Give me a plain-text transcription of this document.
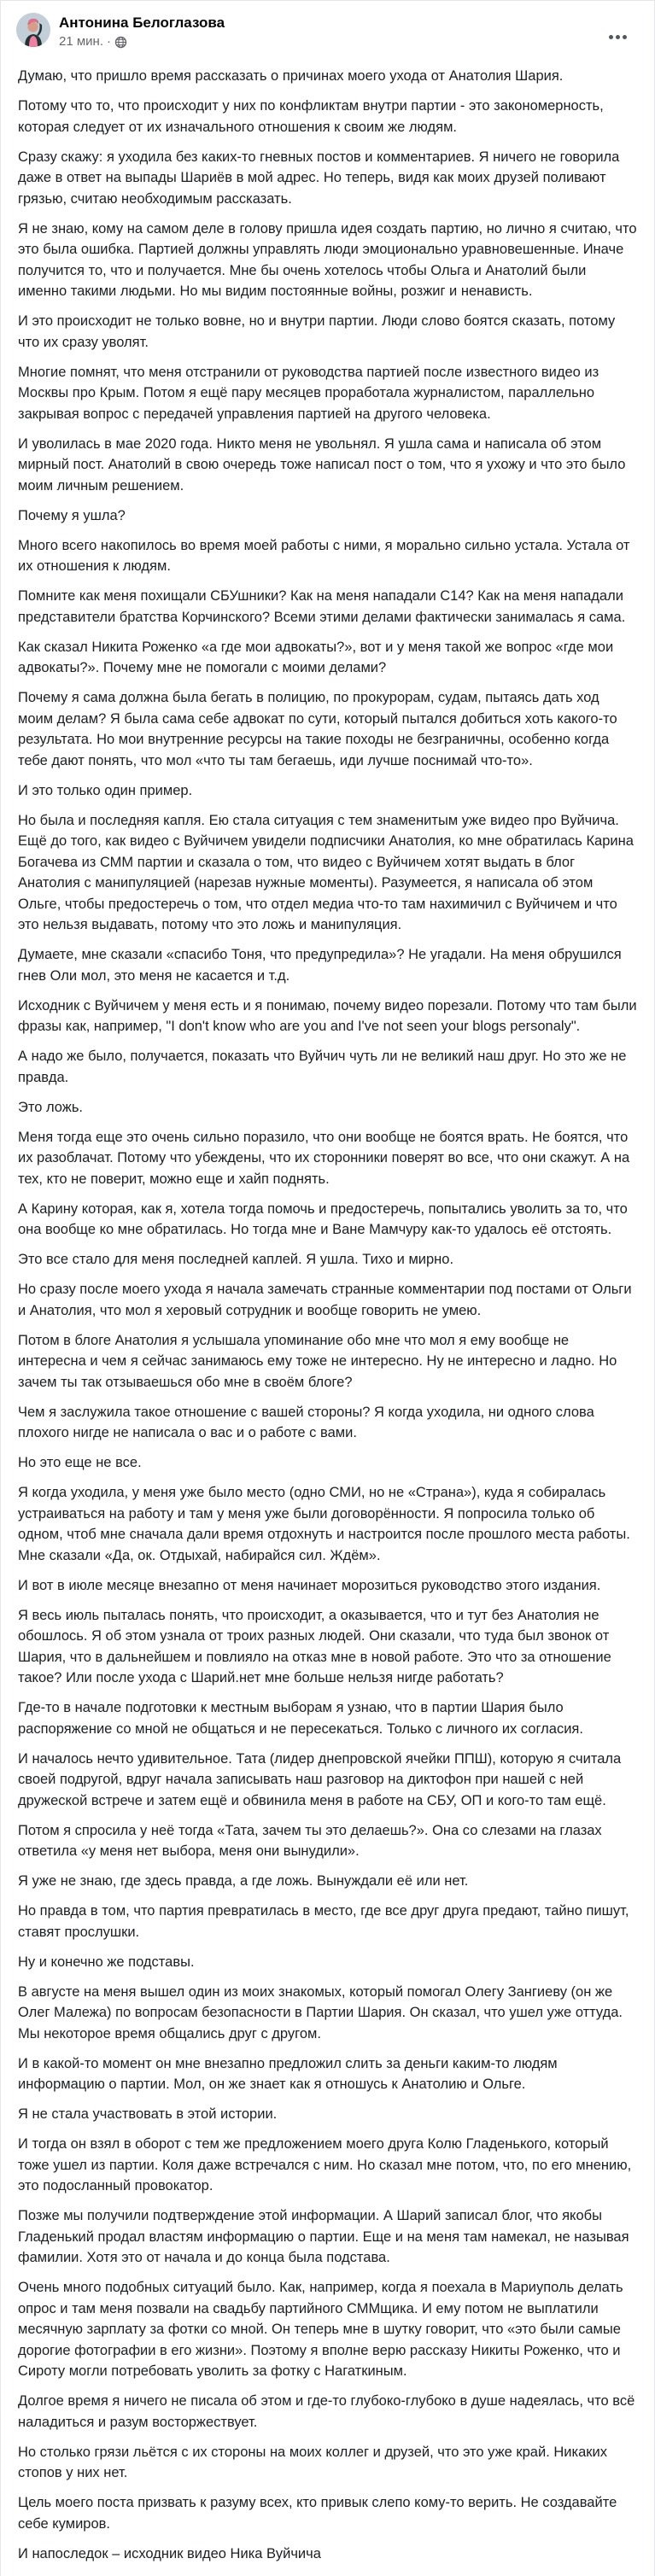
Антонина Белоглазова
21 мин. ·

Думаю, что пришло время рассказать о причинах моего ухода от Анатолия Шария.

Потому что то, что происходит у них по конфликтам внутри партии - это закономерность, которая следует от их изначального отношения к своим же людям.

Сразу скажу: я уходила без каких-то гневных постов и комментариев. Я ничего не говорила даже в ответ на выпады Шариёв в мой адрес. Но теперь, видя как моих друзей поливают грязью, считаю необходимым рассказать.

Я не знаю, кому на самом деле в голову пришла идея создать партию, но лично я считаю, что это была ошибка. Партией должны управлять люди эмоционально уравновешенные. Иначе получится то, что и получается. Мне бы очень хотелось чтобы Ольга и Анатолий были именно такими людьми. Но мы видим постоянные войны, розжиг и ненависть.

И это происходит не только вовне, но и внутри партии. Люди слово боятся сказать, потому что их сразу уволят.

Многие помнят, что меня отстранили от руководства партией после известного видео из Москвы про Крым. Потом я ещё пару месяцев проработала журналистом, параллельно закрывая вопрос с передачей управления партией на другого человека.

И уволилась в мае 2020 года. Никто меня не увольнял. Я ушла сама и написала об этом мирный пост. Анатолий в свою очередь тоже написал пост о том, что я ухожу и что это было моим личным решением.

Почему я ушла?

Много всего накопилось во время моей работы с ними, я морально сильно устала. Устала от их отношения к людям.

Помните как меня похищали СБУшники? Как на меня нападали С14? Как на меня нападали представители братства Корчинского? Всеми этими делами фактически занималась я сама.

Как сказал Никита Роженко «а где мои адвокаты?», вот и у меня такой же вопрос «где мои адвокаты?». Почему мне не помогали с моими делами?

Почему я сама должна была бегать в полицию, по прокурорам, судам, пытаясь дать ход моим делам? Я была сама себе адвокат по сути, который пытался добиться хоть какого-то результата. Но мои внутренние ресурсы на такие походы не безграничны, особенно когда тебе дают понять, что мол «что ты там бегаешь, иди лучше поснимай что-то».

И это только один пример.

Но была и последняя капля. Ею стала ситуация с тем знаменитым уже видео про Вуйчича. Ещё до того, как видео с Вуйчичем увидели подписчики Анатолия, ко мне обратилась Карина Богачева из СММ партии и сказала о том, что видео с Вуйчичем хотят выдать в блог Анатолия с манипуляцией (нарезав нужные моменты). Разумеется, я написала об этом Ольге, чтобы предостеречь о том, что отдел медиа что-то там нахимичил с Вуйчичем и что это нельзя выдавать, потому что это ложь и манипуляция.

Думаете, мне сказали «спасибо Тоня, что предупредила»? Не угадали. На меня обрушился гнев Оли мол, это меня не касается и т.д.

Исходник с Вуйчичем у меня есть и я понимаю, почему видео порезали. Потому что там были фразы как, например, "I don't know who are you and I've not seen your blogs personaly".

А надо же было, получается, показать что Вуйчич чуть ли не великий наш друг. Но это же не правда.

Это ложь.

Меня тогда еще это очень сильно поразило, что они вообще не боятся врать. Не боятся, что их разоблачат. Потому что убеждены, что их сторонники поверят во все, что они скажут. А на тех, кто не поверит, можно еще и хайп поднять.

А Карину которая, как я, хотела тогда помочь и предостеречь, попытались уволить за то, что она вообще ко мне обратилась. Но тогда мне и Ване Мамчуру как-то удалось её отстоять.

Это все стало для меня последней каплей. Я ушла. Тихо и мирно.

Но сразу после моего ухода я начала замечать странные комментарии под постами от Ольги и Анатолия, что мол я херовый сотрудник и вообще говорить не умею.

Потом в блоге Анатолия я услышала упоминание обо мне что мол я ему вообще не интересна и чем я сейчас занимаюсь ему тоже не интересно. Ну не интересно и ладно. Но зачем ты так отзываешься обо мне в своём блоге?

Чем я заслужила такое отношение с вашей стороны? Я когда уходила, ни одного слова плохого нигде не написала о вас и о работе с вами.

Но это еще не все.

Я когда уходила, у меня уже было место (одно СМИ, но не «Страна»), куда я собиралась устраиваться на работу и там у меня уже были договорённости. Я попросила только об одном, чтоб мне сначала дали время отдохнуть и настроится после прошлого места работы. Мне сказали «Да, ок. Отдыхай, набирайся сил. Ждём».

И вот в июле месяце внезапно от меня начинает морозиться руководство этого издания.

Я весь июль пыталась понять, что происходит, а оказывается, что и тут без Анатолия не обошлось. Я об этом узнала от троих разных людей. Они сказали, что туда был звонок от Шария, что в дальнейшем и повлияло на отказ мне в новой работе. Это что за отношение такое? Или после ухода с Шарий.нет мне больше нельзя нигде работать?

Где-то в начале подготовки к местным выборам я узнаю, что в партии Шария было распоряжение со мной не общаться и не пересекаться. Только с личного их согласия.

И началось нечто удивительное. Тата (лидер днепровской ячейки ППШ), которую я считала своей подругой, вдруг начала записывать наш разговор на диктофон при нашей с ней дружеской встрече и затем ещё и обвинила меня в работе на СБУ, ОП и кого-то там ещё.

Потом я спросила у неё тогда «Тата, зачем ты это делаешь?». Она со слезами на глазах ответила «у меня нет выбора, меня они вынудили».

Я уже не знаю, где здесь правда, а где ложь. Вынуждали её или нет.

Но правда в том, что партия превратилась в место, где все друг друга предают, тайно пишут, ставят прослушки.

Ну и конечно же подставы.

В августе на меня вышел один из моих знакомых, который помогал Олегу Зангиеву (он же Олег Малежа) по вопросам безопасности в Партии Шария. Он сказал, что ушел уже оттуда. Мы некоторое время общались друг с другом.

И в какой-то момент он мне внезапно предложил слить за деньги каким-то людям информацию о партии. Мол, он же знает как я отношусь к Анатолию и Ольге.

Я не стала участвовать в этой истории.

И тогда он взял в оборот с тем же предложением моего друга Колю Гладенького, который тоже ушел из партии. Коля даже встречался с ним. Но сказал мне потом, что, по его мнению, это подосланный провокатор.

Позже мы получили подтверждение этой информации. А Шарий записал блог, что якобы Гладенький продал властям информацию о партии. Еще и на меня там намекал, не называя фамилии. Хотя это от начала и до конца была подстава.

Очень много подобных ситуаций было. Как, например, когда я поехала в Мариуполь делать опрос и там меня позвали на свадьбу партийного СММщика. И ему потом не выплатили месячную зарплату за фотки со мной. Он теперь мне в шутку говорит, что «это были самые дорогие фотографии в его жизни». Поэтому я вполне верю рассказу Никиты Роженко, что и Сироту могли потребовать уволить за фотку с Нагаткиным.

Долгое время я ничего не писала об этом и где-то глубоко-глубоко в душе надеялась, что всё наладиться и разум восторжествует.

Но столько грязи льётся с их стороны на моих коллег и друзей, что это уже край. Никаких стопов у них нет.

Цель моего поста призвать к разуму всех, кто привык слепо кому-то верить. Не создавайте себе кумиров.

И напоследок – исходник видео Ника Вуйчича
